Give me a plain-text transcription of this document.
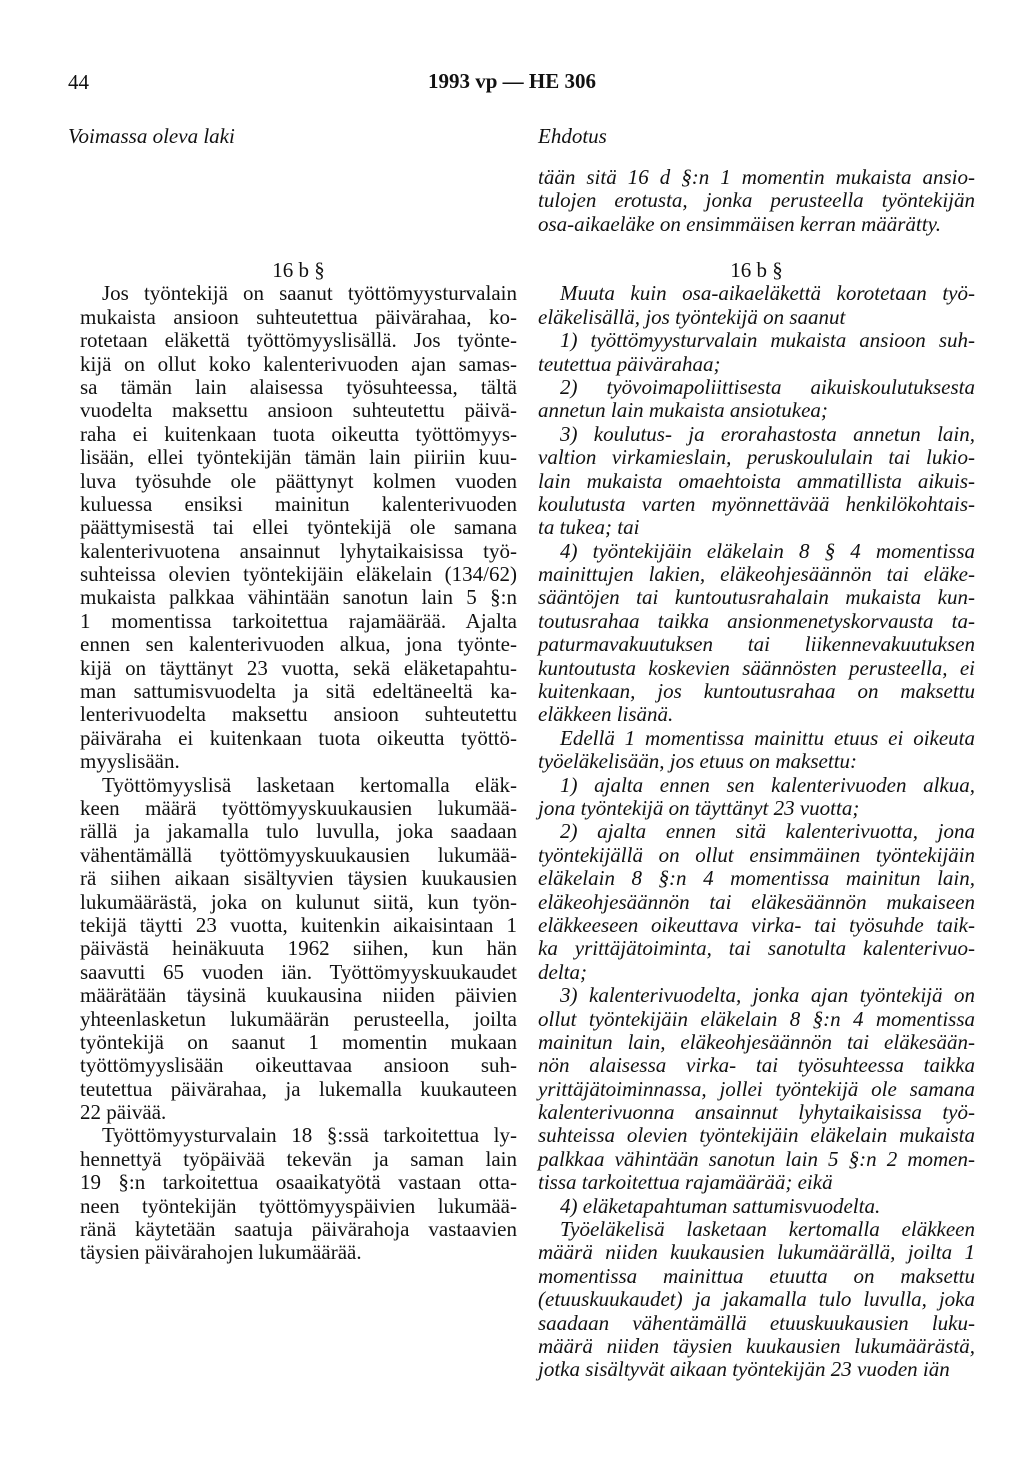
44	1993 vp — HE 306
Voimassa oleva laki	Ehdotus
tään sitä 16 d §:n 1 momentin mukaista ansio-
tulojen erotusta, jonka perusteella työntekijän
osa-aikaeläke on ensimmäisen kerran määrätty.
16 b §
Jos työntekijä on saanut työttömyysturvalain
mukaista ansioon suhteutettua päivärahaa, ko-
rotetaan eläkettä työttömyyslisällä. Jos työnte-
kijä on ollut koko kalenterivuoden ajan samas-
sa tämän lain alaisessa työsuhteessa, tältä
vuodelta maksettu ansioon suhteutettu päivä-
raha ei kuitenkaan tuota oikeutta työttömyys-
lisään, ellei työntekijän tämän lain piiriin kuu-
luva työsuhde ole päättynyt kolmen vuoden
kuluessa ensiksi mainitun kalenterivuoden
päättymisestä tai ellei työntekijä ole samana
kalenterivuotena ansainnut lyhytaikaisissa työ-
suhteissa olevien työntekijäin eläkelain (134/62)
mukaista palkkaa vähintään sanotun lain 5 §:n
1 momentissa tarkoitettua rajamäärää. Ajalta
ennen sen kalenterivuoden alkua, jona työnte-
kijä on täyttänyt 23 vuotta, sekä eläketapahtu-
man sattumisvuodelta ja sitä edeltäneeltä ka-
lenterivuodelta maksettu ansioon suhteutettu
päiväraha ei kuitenkaan tuota oikeutta työttö-
myyslisään.
Työttömyyslisä lasketaan kertomalla eläk-
keen määrä työttömyyskuukausien lukumää-
rällä ja jakamalla tulo luvulla, joka saadaan
vähentämällä työttömyyskuukausien lukumää-
rä siihen aikaan sisältyvien täysien kuukausien
lukumäärästä, joka on kulunut siitä, kun työn-
tekijä täytti 23 vuotta, kuitenkin aikaisintaan 1
päivästä heinäkuuta 1962 siihen, kun hän
saavutti 65 vuoden iän. Työttömyyskuukaudet
määrätään täysinä kuukausina niiden päivien
yhteenlasketun lukumäärän perusteella, joilta
työntekijä on saanut 1 momentin mukaan
työttömyyslisään oikeuttavaa ansioon suh-
teutettua päivärahaa, ja lukemalla kuukauteen
22 päivää.
Työttömyysturvalain 18 §:ssä tarkoitettua ly-
hennettyä työpäivää tekevän ja saman lain
19 §:n tarkoitettua osaaikatyötä vastaan otta-
neen työntekijän työttömyyspäivien lukumää-
ränä käytetään saatuja päivärahoja vastaavien
täysien päivärahojen lukumäärää.
16 b §
Muuta kuin osa-aikaeläkettä korotetaan työ-
eläkelisällä, jos työntekijä on saanut
1) työttömyysturvalain mukaista ansioon suh-
teutettua päivärahaa;
2) työvoimapoliittisesta aikuiskoulutuksesta
annetun lain mukaista ansiotukea;
3) koulutus- ja erorahastosta annetun lain,
valtion virkamieslain, peruskoululain tai lukio-
lain mukaista omaehtoista ammatillista aikuis-
koulutusta varten myönnettävää henkilökohtais-
ta tukea; tai
4) työntekijäin eläkelain 8 § 4 momentissa
mainittujen lakien, eläkeohjesäännön tai eläke-
sääntöjen tai kuntoutusrahalain mukaista kun-
toutusrahaa taikka ansionmenetyskorvausta ta-
paturmavakuutuksen tai liikennevakuutuksen
kuntoutusta koskevien säännösten perusteella, ei
kuitenkaan, jos kuntoutusrahaa on maksettu
eläkkeen lisänä.
Edellä 1 momentissa mainittu etuus ei oikeuta
työeläkelisään, jos etuus on maksettu:
1) ajalta ennen sen kalenterivuoden alkua,
jona työntekijä on täyttänyt 23 vuotta;
2) ajalta ennen sitä kalenterivuotta, jona
työntekijällä on ollut ensimmäinen työntekijäin
eläkelain 8 §:n 4 momentissa mainitun lain,
eläkeohjesäännön tai eläkesäännön mukaiseen
eläkkeeseen oikeuttava virka- tai työsuhde taik-
ka yrittäjätoiminta, tai sanotulta kalenterivuo-
delta;
3) kalenterivuodelta, jonka ajan työntekijä on
ollut työntekijäin eläkelain 8 §:n 4 momentissa
mainitun lain, eläkeohjesäännön tai eläkesään-
nön alaisessa virka- tai työsuhteessa taikka
yrittäjätoiminnassa, jollei työntekijä ole samana
kalenterivuonna ansainnut lyhytaikaisissa työ-
suhteissa olevien työntekijäin eläkelain mukaista
palkkaa vähintään sanotun lain 5 §:n 2 momen-
tissa tarkoitettua rajamäärää; eikä
4) eläketapahtuman sattumisvuodelta.
Työeläkelisä lasketaan kertomalla eläkkeen
määrä niiden kuukausien lukumäärällä, joilta 1
momentissa mainittua etuutta on maksettu
(etuuskuukaudet) ja jakamalla tulo luvulla, joka
saadaan vähentämällä etuuskuukausien luku-
määrä niiden täysien kuukausien lukumäärästä,
jotka sisältyvät aikaan työntekijän 23 vuoden iän
